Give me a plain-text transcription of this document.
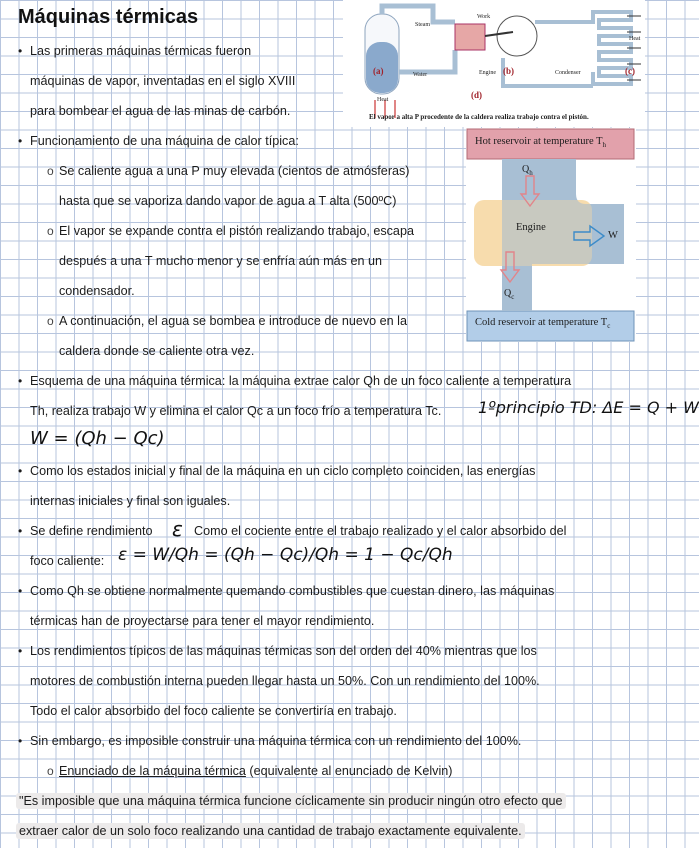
Máquinas térmicas	Steam
Work
Heat
Water	Engine	Condenser
Heat
(a)	(b)	(c)
(d)
El vapor a alta P procedente de la caldera realiza trabajo contra el pistón.
Hot reservoir at temperature $T_h$
Cold reservoir at temperature $T_c$
$Q_h$
Engine
W
$Q_c$
• Las primeras máquinas térmicas fueron
máquinas de vapor, inventadas en el siglo XVIII
para bombear el agua de las minas de carbón.
• Funcionamiento de una máquina de calor típica:
o Se caliente agua a una P muy elevada (cientos de atmósferas)
hasta que se vaporiza dando vapor de agua a T alta (500ºC)
o El vapor se expande contra el pistón realizando trabajo, escapa
después a una T mucho menor y se enfría aún más en un
condensador.
o A continuación, el agua se bombea e introduce de nuevo en la
caldera donde se caliente otra vez.
• Esquema de una máquina térmica: la máquina extrae calor Qh de un foco caliente a temperatura
Th, realiza trabajo W y elimina el calor Qc a un foco frío a temperatura Tc. 1ºprincipio TD: ΔE = Q + W
W = (Qh − Qc)
• Como los estados inicial y final de la máquina en un ciclo completo coinciden, las energías
internas iniciales y final son iguales.
• Se define rendimiento ε Como el cociente entre el trabajo realizado y el calor absorbido del
foco caliente: ε = W/Qh = (Qh − Qc)/Qh = 1 − Qc/Qh
• Como Qh se obtiene normalmente quemando combustibles que cuestan dinero, las máquinas
térmicas han de proyectarse para tener el mayor rendimiento.
• Los rendimientos típicos de las máquinas térmicas son del orden del 40% mientras que los
motores de combustión interna pueden llegar hasta un 50%. Con un rendimiento del 100%.
Todo el calor absorbido del foco caliente se convertiría en trabajo.
• Sin embargo, es imposible construir una máquina térmica con un rendimiento del 100%.
o Enunciado de la máquina térmica (equivalente al enunciado de Kelvin)
"Es imposible que una máquina térmica funcione cíclicamente sin producir ningún otro efecto que
extraer calor de un solo foco realizando una cantidad de trabajo exactamente equivalente.
